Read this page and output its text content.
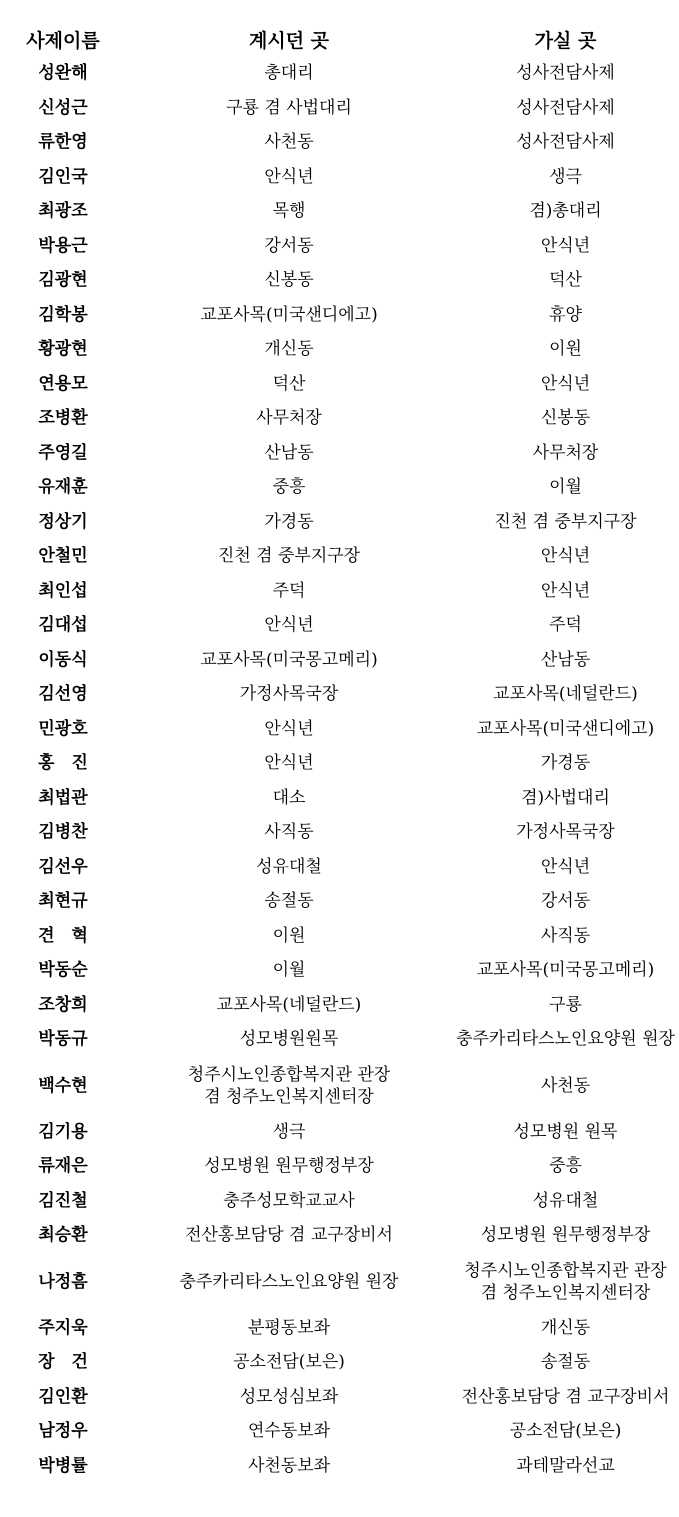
사제이름	계시던 곳	가실 곳
성완해	총대리	성사전담사제

신성근	구룡 겸 사법대리	성사전담사제

류한영	사천동	성사전담사제

김인국	안식년	생극

최광조	목행	겸)총대리

박용근	강서동	안식년

김광현	신봉동	덕산

김학봉	교포사목(미국샌디에고)	휴양

황광현	개신동	이원

연용모	덕산	안식년

조병환	사무처장	신봉동

주영길	산남동	사무처장

유재훈	중흥	이월

정상기	가경동	진천 겸 중부지구장

안철민	진천 겸 중부지구장	안식년

최인섭	주덕	안식년

김대섭	안식년	주덕

이동식	교포사목(미국몽고메리)	산남동

김선영	가정사목국장	교포사목(네덜란드)

민광호	안식년	교포사목(미국샌디에고)

홍　진	안식년	가경동

최법관	대소	겸)사법대리

김병찬	사직동	가정사목국장

김선우	성유대철	안식년

최현규	송절동	강서동

견　혁	이원	사직동

박동순	이월	교포사목(미국몽고메리)

조창희	교포사목(네덜란드)	구룡

박동규	성모병원원목	충주카리타스노인요양원 원장

백수현	청주시노인종합복지관 관장
겸 청주노인복지센터장	사천동

김기용	생극	성모병원 원목

류재은	성모병원 원무행정부장	중흥

김진철	충주성모학교교사	성유대철

최승환	전산홍보담당 겸 교구장비서	성모병원 원무행정부장

나정흠	충주카리타스노인요양원 원장	청주시노인종합복지관 관장
겸 청주노인복지센터장

주지욱	분평동보좌	개신동

장　건	공소전담(보은)	송절동

김인환	성모성심보좌	전산홍보담당 겸 교구장비서

남정우	연수동보좌	공소전담(보은)

박병률	사천동보좌	과테말라선교
